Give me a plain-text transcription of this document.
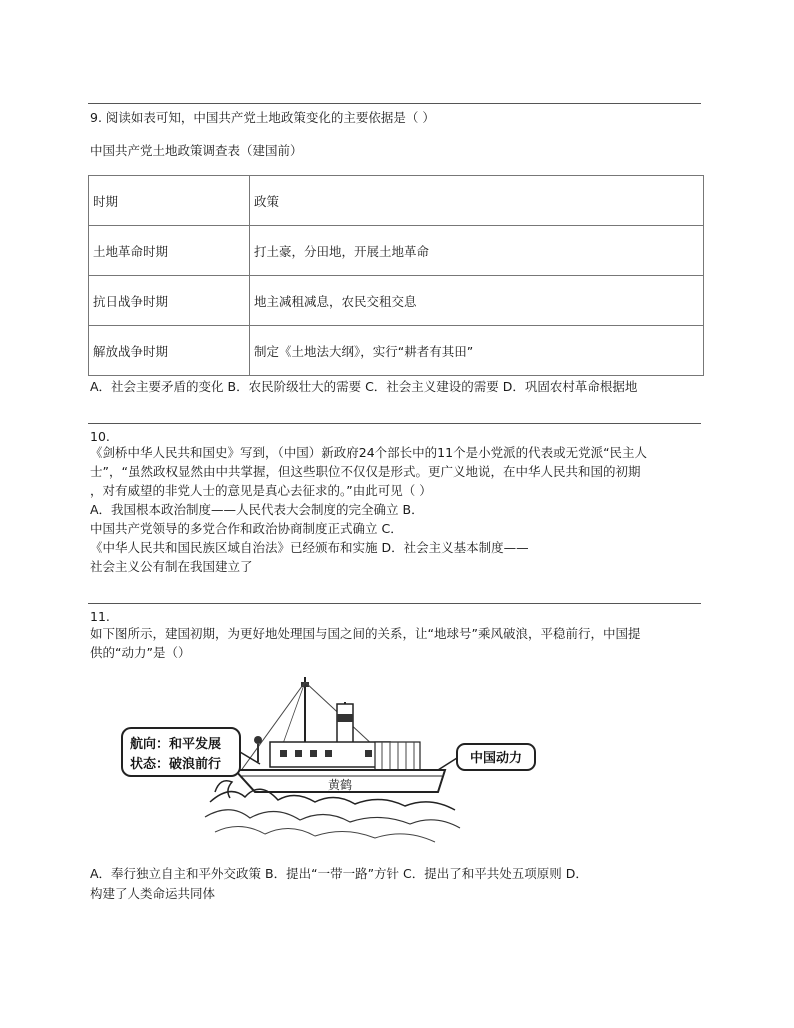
9. 阅读如表可知，中国共产党土地政策变化的主要依据是（ ）
中国共产党土地政策调查表（建国前）
时期	政策
土地革命时期	打土豪，分田地，开展土地革命
抗日战争时期	地主减租减息，农民交租交息
解放战争时期	制定《土地法大纲》，实行“耕者有其田”
A．社会主要矛盾的变化 B．农民阶级壮大的需要 C．社会主义建设的需要 D．巩固农村革命根据地
10.
《剑桥中华人民共和国史》写到，（中国）新政府24个部长中的11个是小党派的代表或无党派“民主人
士”，“虽然政权显然由中共掌握，但这些职位不仅仅是形式。更广义地说，在中华人民共和国的初期
，对有威望的非党人士的意见是真心去征求的。”由此可见（ ）
A．我国根本政治制度——人民代表大会制度的完全确立 B．
中国共产党领导的多党合作和政治协商制度正式确立 C．
《中华人民共和国民族区域自治法》已经颁布和实施 D．社会主义基本制度——
社会主义公有制在我国建立了
11.
如下图所示，建国初期，为更好地处理国与国之间的关系，让“地球号”乘风破浪，平稳前行，中国提
供的“动力”是（）
黄鹤
航向：和平发展
状态：破浪前行	中国动力
A．奉行独立自主和平外交政策 B．提出“一带一路”方针 C．提出了和平共处五项原则 D．
构建了人类命运共同体
